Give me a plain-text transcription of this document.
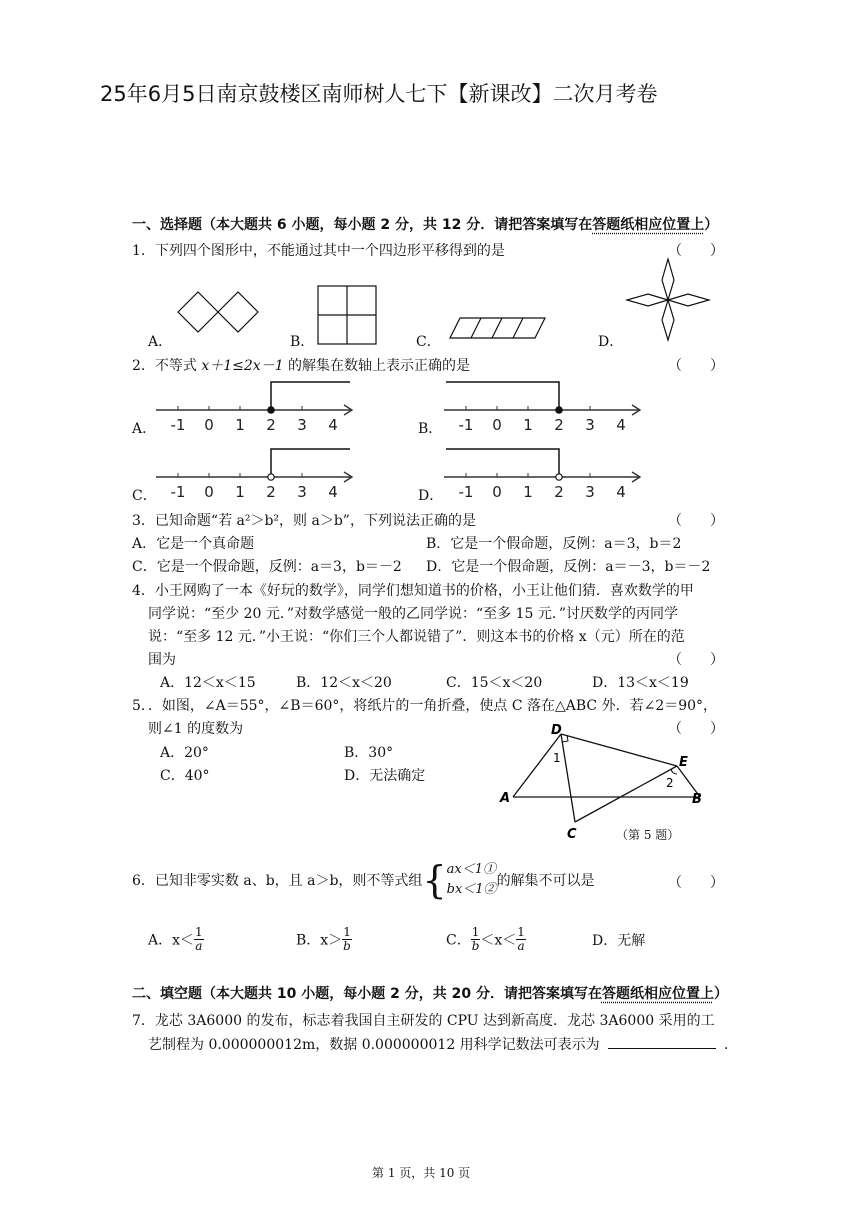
25年6月5日南京鼓楼区南师树人七下【新课改】二次月考卷
一、选择题（本大题共 6 小题，每小题 2 分，共 12 分．请把答案填写在答题纸相应位置上）
1．下列四个图形中，不能通过其中一个四边形平移得到的是	（　　）
A．	B．	C．	D．
2．不等式 x＋1≤2x－1 的解集在数轴上表示正确的是	（　　）
A．	B．
C．	D．
-1 0 1 2 3 4	-1 0 1 2 3 4
-1 0 1 2 3 4	-1 0 1 2 3 4
3．已知命题“若 a²＞b²，则 a＞b”，下列说法正确的是	（　　）
A．它是一个真命题	B．它是一个假命题，反例：a＝3，b＝2
C．它是一个假命题，反例：a＝3，b＝－2 D．它是一个假命题，反例：a＝－3，b＝－2
4．小王网购了一本《好玩的数学》，同学们想知道书的价格，小王让他们猜．喜欢数学的甲
同学说：“至少 20 元．”对数学感觉一般的乙同学说：“至多 15 元．”讨厌数学的丙同学
说：“至多 12 元．”小王说：“你们三个人都说错了”．则这本书的价格 x（元）所在的范
围为	（　　）
A．12＜x＜15	B．12＜x＜20	C．15＜x＜20	D．13＜x＜19
5．．如图，∠A＝55°，∠B＝60°，将纸片的一角折叠，使点 C 落在△ABC 外．若∠2＝90°，
则∠1 的度数为	（　　）
A．20°	B．30°
C．40°	D．无法确定
D
E
A	B
C
1
2
（第 5 题）
6．已知非零实数 a、b，且 a＞b，则不等式组{ax＜1①
bx＜1②的解集不可以是	（　　）
A．$x< \frac{1}{a}$	B．$x> \frac{1}{b}$	C． $\frac{1}{b}<x< \frac{1}{a}$	D．无解
二、填空题（本大题共 10 小题，每小题 2 分，共 20 分．请把答案填写在答题纸相应位置上）
7．龙芯 3A6000 的发布，标志着我国自主研发的 CPU 达到新高度．龙芯 3A6000 采用的工
艺制程为 0.000000012m，数据 0.000000012 用科学记数法可表示为	．
第 1 页，共 10 页
